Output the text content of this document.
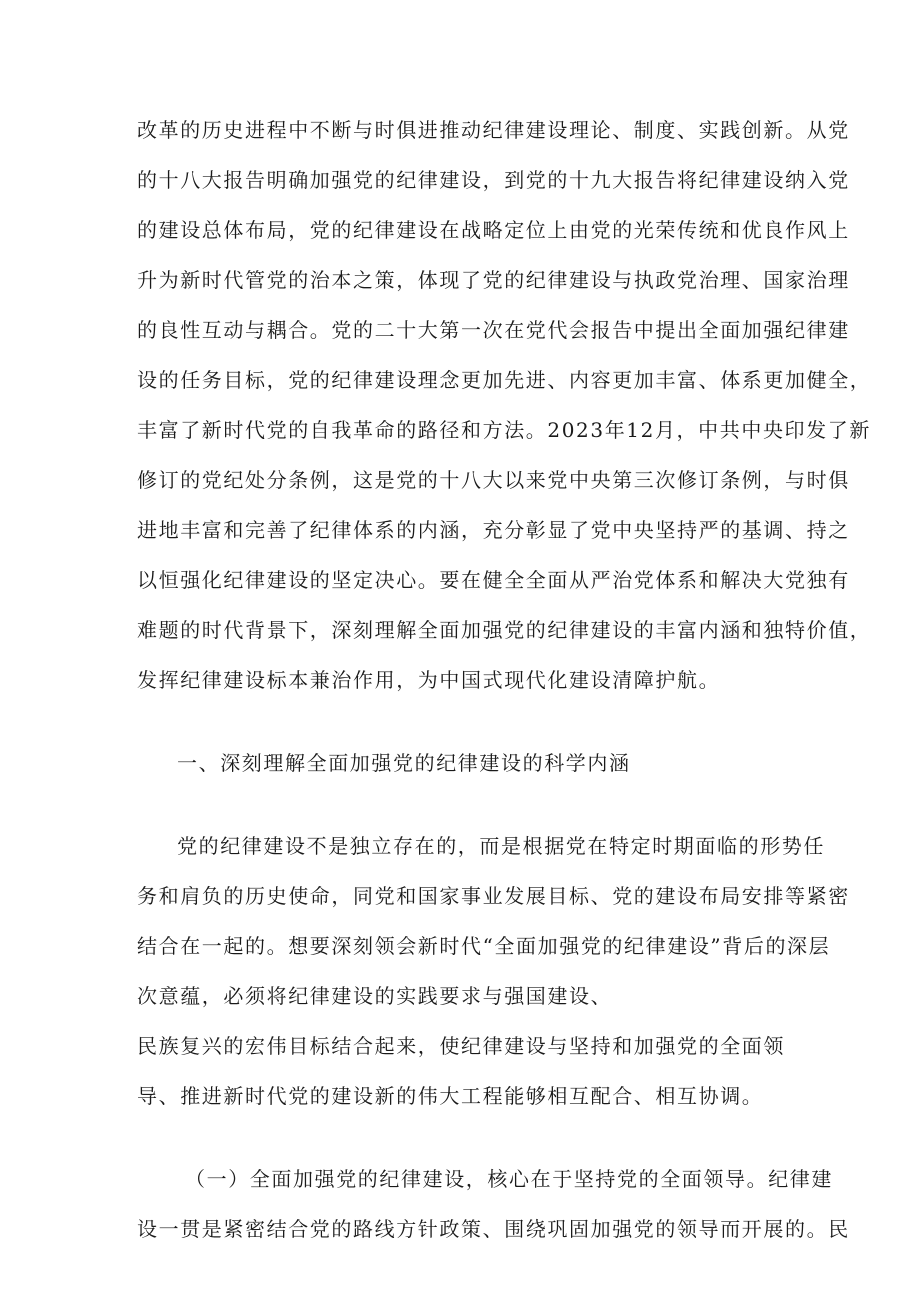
改革的历史进程中不断与时俱进推动纪律建设理论、制度、实践创新。从党
的十八大报告明确加强党的纪律建设，到党的十九大报告将纪律建设纳入党
的建设总体布局，党的纪律建设在战略定位上由党的光荣传统和优良作风上
升为新时代管党的治本之策，体现了党的纪律建设与执政党治理、国家治理
的良性互动与耦合。党的二十大第一次在党代会报告中提出全面加强纪律建
设的任务目标，党的纪律建设理念更加先进、内容更加丰富、体系更加健全，
丰富了新时代党的自我革命的路径和方法。2023年12月，中共中央印发了新
修订的党纪处分条例，这是党的十八大以来党中央第三次修订条例，与时俱
进地丰富和完善了纪律体系的内涵，充分彰显了党中央坚持严的基调、持之
以恒强化纪律建设的坚定决心。要在健全全面从严治党体系和解决大党独有
难题的时代背景下，深刻理解全面加强党的纪律建设的丰富内涵和独特价值，
发挥纪律建设标本兼治作用，为中国式现代化建设清障护航。
一、深刻理解全面加强党的纪律建设的科学内涵
党的纪律建设不是独立存在的，而是根据党在特定时期面临的形势任
务和肩负的历史使命，同党和国家事业发展目标、党的建设布局安排等紧密
结合在一起的。想要深刻领会新时代“全面加强党的纪律建设”背后的深层
次意蕴，必须将纪律建设的实践要求与强国建设、
民族复兴的宏伟目标结合起来，使纪律建设与坚持和加强党的全面领
导、推进新时代党的建设新的伟大工程能够相互配合、相互协调。
（一）全面加强党的纪律建设，核心在于坚持党的全面领导。纪律建
设一贯是紧密结合党的路线方针政策、围绕巩固加强党的领导而开展的。民
